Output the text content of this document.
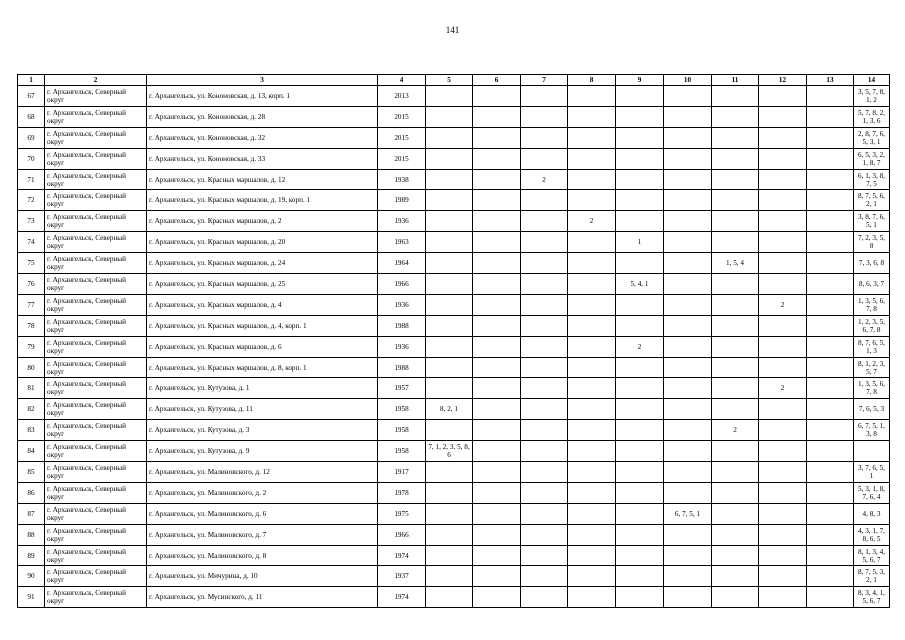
141
1	2	3	4	5	6	7	8	9	10	11	12	13	14
67	г. Архангельск, Северный округ	г. Архангельск, ул. Кононовская, д. 13, корп. 1	2013										3, 5, 7, 8, 1, 2
68	г. Архангельск, Северный округ	г. Архангельск, ул. Кононовская, д. 28	2015										5, 7, 8, 2, 1, 3, 6
69	г. Архангельск, Северный округ	г. Архангельск, ул. Кононовская, д. 32	2015										2, 8, 7, 6, 5, 3, 1
70	г. Архангельск, Северный округ	г. Архангельск, ул. Кононовская, д. 33	2015										6, 5, 3, 2, 1, 8, 7
71	г. Архангельск, Северный округ	г. Архангельск, ул. Красных маршалов, д. 12	1938			2							6, 1, 3, 8, 7, 5
72	г. Архангельск, Северный округ	г. Архангельск, ул. Красных маршалов, д. 19, корп. 1	1989										8, 7, 5, 6, 2, 1
73	г. Архангельск, Северный округ	г. Архангельск, ул. Красных маршалов, д. 2	1936				2						3, 8, 7, 6, 5, 1
74	г. Архангельск, Северный округ	г. Архангельск, ул. Красных маршалов, д. 20	1963					1					7, 2, 3, 5, 8
75	г. Архангельск, Северный округ	г. Архангельск, ул. Красных маршалов, д. 24	1964							1, 5, 4			7, 3, 6, 8
76	г. Архангельск, Северный округ	г. Архангельск, ул. Красных маршалов, д. 25	1966					5, 4, 1					8, 6, 3, 7
77	г. Архангельск, Северный округ	г. Архангельск, ул. Красных маршалов, д. 4	1936								2		1, 3, 5, 6, 7, 8
78	г. Архангельск, Северный округ	г. Архангельск, ул. Красных маршалов, д. 4, корп. 1	1988										1, 2, 3, 5, 6, 7, 8
79	г. Архангельск, Северный округ	г. Архангельск, ул. Красных маршалов, д. 6	1936					2					8, 7, 6, 5, 1, 3
80	г. Архангельск, Северный округ	г. Архангельск, ул. Красных маршалов, д. 8, корп. 1	1988										8, 1, 2, 3, 5, 7
81	г. Архангельск, Северный округ	г. Архангельск, ул. Кутузова, д. 1	1957								2		1, 3, 5, 6, 7, 8
82	г. Архангельск, Северный округ	г. Архангельск, ул. Кутузова, д. 11	1958	8, 2, 1									7, 6, 5, 3
83	г. Архангельск, Северный округ	г. Архангельск, ул. Кутузова, д. 3	1958							2			6, 7, 5, 1, 3, 8
84	г. Архангельск, Северный округ	г. Архангельск, ул. Кутузова, д. 9	1958	7, 1, 2, 3, 5, 8, 6									
85	г. Архангельск, Северный округ	г. Архангельск, ул. Малиновского, д. 12	1917										3, 7, 6, 5, 1
86	г. Архангельск, Северный округ	г. Архангельск, ул. Малиновского, д. 2	1978										5, 3, 1, 8, 7, 6, 4
87	г. Архангельск, Северный округ	г. Архангельск, ул. Малиновского, д. 6	1975						6, 7, 5, 1				4, 8, 3
88	г. Архангельск, Северный округ	г. Архангельск, ул. Малиновского, д. 7	1966										4, 3, 1, 7, 8, 6, 5
89	г. Архангельск, Северный округ	г. Архангельск, ул. Малиновского, д. 8	1974										8, 1, 3, 4, 5, 6, 7
90	г. Архангельск, Северный округ	г. Архангельск, ул. Мичурина, д. 10	1937										8, 7, 5, 3, 2, 1
91	г. Архангельск, Северный округ	г. Архангельск, ул. Мусинского, д. 11	1974										8, 3, 4, 1, 5, 6, 7
